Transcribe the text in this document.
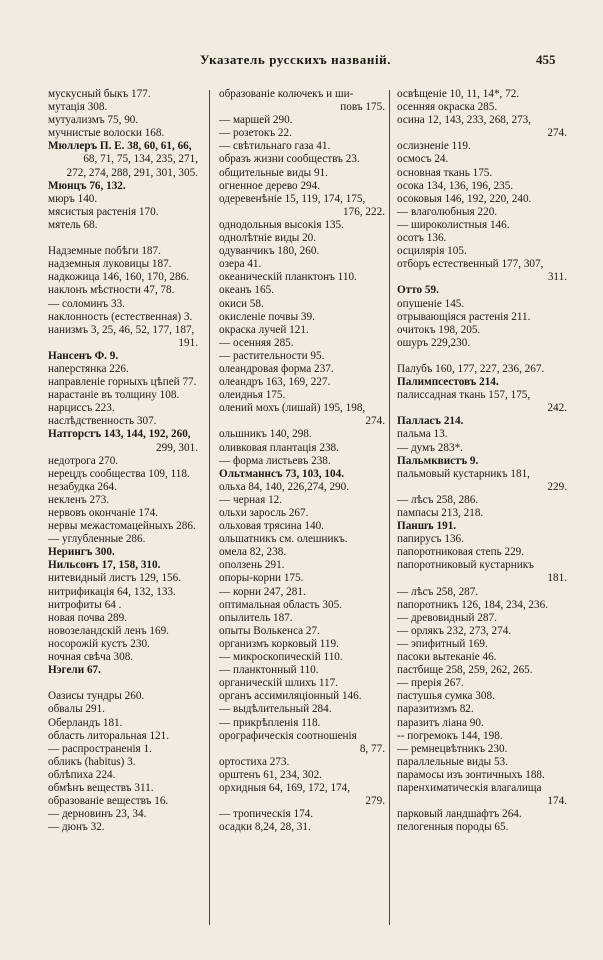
Указатель русскихъ названій.	455
мускусный быкъ 177.
мутація 308.
мутуализмъ 75, 90.
мучнистые волоски 168.
Мюллеръ П. Е. 38, 60, 61, 66,
68, 71, 75, 134, 235, 271,
272, 274, 288, 291, 301, 305.
Мюнцъ 76, 132.
мюръ 140.
мясистыя растенія 170.
мятель 68.
Надземные побѣги 187.
надземныя луковицы 187.
надкожица 146, 160, 170, 286.
наклонъ мѣстности 47, 78.
— соломинъ 33.
наклонность (естественная) 3.
нанизмъ 3, 25, 46, 52, 177, 187,
191.
Нансенъ Ф. 9.
наперстянка 226.
направленіе горныхъ цѣпей 77.
нарастаніе въ толщину 108.
нарциссъ 223.
наслѣдственность 307.
Натгорстъ 143, 144, 192, 260,
299, 301.
недотрога 270.
нерецдъ сообщества 109, 118.
незабудка 264.
некленъ 273.
нервовъ окончаніе 174.
нервы межастомацейныхъ 286.
— углубленные 286.
Нерингъ 300.
Нильсонъ 17, 158, 310.
нитевидный листъ 129, 156.
нитрификація 64, 132, 133.
нитрофиты 64 .
новая почва 289.
новозеландскій ленъ 169.
носорожій кустъ 230.
ночная свѣча 308.
Нэгели 67.
Оазисы тундры 260.
обвалы 291.
Оберландъ 181.
область литоральная 121.
— распространенія 1.
обликъ (habitus) 3.
облѣпиха 224.
обмѣнъ веществъ 311.
образованіе веществъ 16.
— дерновинъ 23, 34.
— дюнъ 32.
образованіе колючекъ и ши-
повъ 175.
— маршей 290.
— розетокъ 22.
— свѣтильнаго газа 41.
образъ жизни сообществъ 23.
общительные виды 91.
огненное дерево 294.
одеревенѣніе 15, 119, 174, 175,
176, 222.
однодольныя высокія 135.
однолѣтніе виды 20.
одуванчикъ 180, 260.
озера 41.
океаническій планктонъ 110.
океанъ 165.
окиси 58.
окисленіе почвы 39.
окраска лучей 121.
— осенняя 285.
— растительности 95.
олеандровая форма 237.
олеандръ 163, 169, 227.
олеиднья 175.
олений мохъ (лишай) 195, 198,
274.
ольшникъ 140, 298.
оливковая плантація 238.
— форма листьевъ 238.
Ольтманнсъ 73, 103, 104.
ольха 84, 140, 226,274, 290.
— черная 12.
ольхи заросль 267.
ольховая трясина 140.
ольшатникъ см. олешникъ.
омела 82, 238.
оползень 291.
опоры-корни 175.
— корни 247, 281.
оптимальная область 305.
опылитель 187.
опыты Волькенса 27.
организмъ корковый 119.
— микроскопическій 110.
— планктонный 110.
органическій шлихъ 117.
органъ ассимиляціонный 146.
— выдѣлительный 284.
— прикрѣпленія 118.
орографическія соотношенія
8, 77.
ортостиха 273.
орштенъ 61, 234, 302.
орхидныя 64, 169, 172, 174,
279.
— тропическія 174.
осадки 8,24, 28, 31.
освѣщеніе 10, 11, 14*, 72.
осенняя окраска 285.
осина 12, 143, 233, 268, 273,
274.
ослизненіе 119.
осмосъ 24.
основная ткань 175.
осока 134, 136, 196, 235.
осоковыя 146, 192, 220, 240.
— влаголюбныя 220.
— широколистныя 146.
осотъ 136.
осцилярія 105.
отборъ естественный 177, 307,
311.
Отто 59.
опушеніе 145.
отрывающіяся растенія 211.
очитокъ 198, 205.
ошуръ 229,230.
Палубъ 160, 177, 227, 236, 267.
Палимпсестовъ 214.
палиссадная ткань 157, 175,
242.
Палласъ 214.
пальма 13.
— думъ 283*.
Пальмквистъ 9.
пальмовый кустарникъ 181,
229.
— лѣсъ 258, 286.
пампасы 213, 218.
Паншъ 191.
папирусъ 136.
папоротниковая степь 229.
папоротниковый кустарникъ
181.
— лѣсъ 258, 287.
папоротникъ 126, 184, 234, 236.
— древовидный 287.
— орлякъ 232, 273, 274.
— эпифитный 169.
пасоки вытеканіе 46.
пастбище 258, 259, 262, 265.
— прерія 267.
пастушья сумка 308.
паразитизмъ 82.
паразитъ ліана 90.
-- погремокъ 144, 198.
— ремнецвѣтникъ 230.
параллельные виды 53.
парамосы изъ зонтичныхъ 188.
паренхиматическія влагалища
174.
парковый ландшафтъ 264.
пелогенныя породы 65.
